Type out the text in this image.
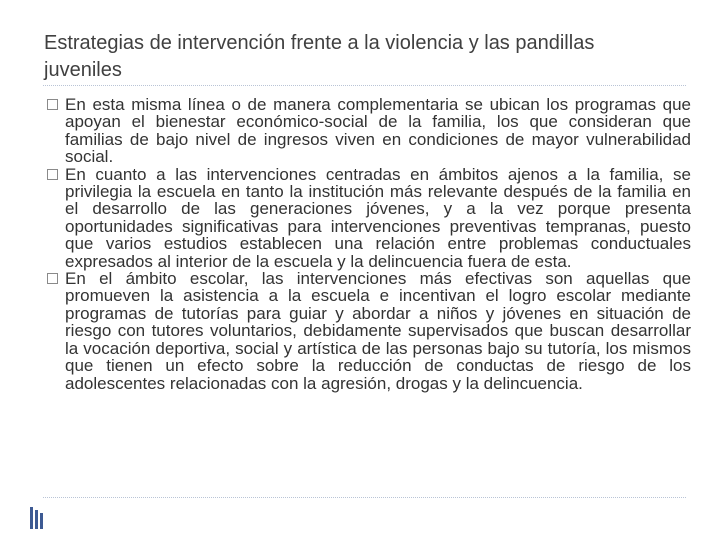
Estrategias de intervención frente a la violencia y las pandillas juveniles
En esta misma línea o de manera complementaria se ubican los programas que apoyan el bienestar económico-social de la familia, los que consideran que familias de bajo nivel de ingresos viven en condiciones de mayor vulnerabilidad social.
En cuanto a las intervenciones centradas en ámbitos ajenos a la familia, se privilegia la escuela en tanto la institución más relevante después de la familia en el desarrollo de las generaciones jóvenes, y a la vez porque presenta oportunidades significativas para intervenciones preventivas tempranas, puesto que varios estudios establecen una relación entre problemas conductuales expresados al interior de la escuela y la delincuencia fuera de esta.
En el ámbito escolar, las intervenciones más efectivas son aquellas que promueven la asistencia a la escuela e incentivan el logro escolar mediante programas de tutorías para guiar y abordar a niños y jóvenes en situación de riesgo con tutores voluntarios, debidamente supervisados que buscan desarrollar la vocación deportiva, social y artística de las personas bajo su tutoría, los mismos que tienen un efecto sobre la reducción de conductas de riesgo de los adolescentes relacionadas con la agresión, drogas y la delincuencia.
